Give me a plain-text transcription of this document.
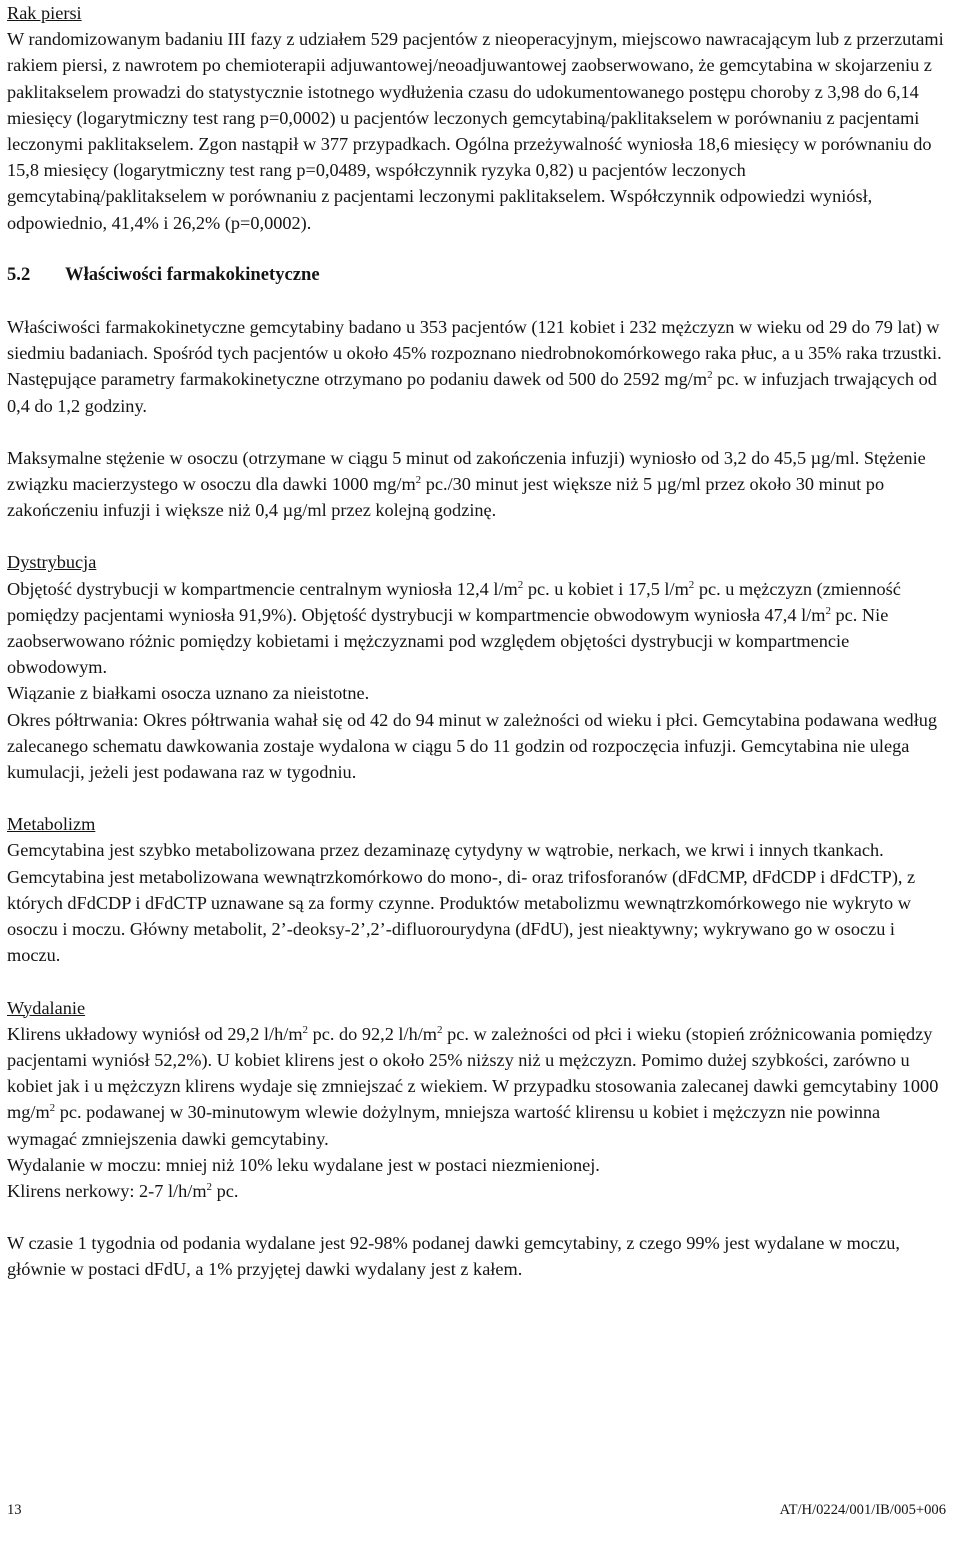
Rak piersi

W randomizowanym badaniu III fazy z udziałem 529 pacjentów z nieoperacyjnym, miejscowo nawracającym lub z przerzutami rakiem piersi, z nawrotem po chemioterapii adjuwantowej/neoadjuwantowej zaobserwowano, że gemcytabina w skojarzeniu z paklitakselem prowadzi do statystycznie istotnego wydłużenia czasu do udokumentowanego postępu choroby z 3,98 do 6,14 miesięcy (logarytmiczny test rang p=0,0002) u pacjentów leczonych gemcytabiną/paklitakselem w porównaniu z pacjentami leczonymi paklitakselem. Zgon nastąpił w 377 przypadkach. Ogólna przeżywalność wyniosła 18,6 miesięcy w porównaniu do 15,8 miesięcy (logarytmiczny test rang p=0,0489, współczynnik ryzyka 0,82) u pacjentów leczonych gemcytabiną/paklitakselem w porównaniu z pacjentami leczonymi paklitakselem. Współczynnik odpowiedzi wyniósł, odpowiednio, 41,4% i 26,2% (p=0,0002).

5.2 Właściwości farmakokinetyczne

Właściwości farmakokinetyczne gemcytabiny badano u 353 pacjentów (121 kobiet i 232 mężczyzn w wieku od 29 do 79 lat) w siedmiu badaniach. Spośród tych pacjentów u około 45% rozpoznano niedrobnokomórkowego raka płuc, a u 35% raka trzustki. Następujące parametry farmakokinetyczne otrzymano po podaniu dawek od 500 do 2592 $mg/m^2$ pc. w infuzjach trwających od 0,4 do 1,2 godziny.

Maksymalne stężenie w osoczu (otrzymane w ciągu 5 minut od zakończenia infuzji) wyniosło od 3,2 do 45,5 µg/ml. Stężenie związku macierzystego w osoczu dla dawki 1000 $mg/m^2$ pc./30 minut jest większe niż 5 µg/ml przez około 30 minut po zakończeniu infuzji i większe niż 0,4 µg/ml przez kolejną godzinę.

Dystrybucja

Objętość dystrybucji w kompartmencie centralnym wyniosła 12,4 $l/m^2$ pc. u kobiet i 17,5 $l/m^2$ pc. u mężczyzn (zmienność pomiędzy pacjentami wyniosła 91,9%). Objętość dystrybucji w kompartmencie obwodowym wyniosła 47,4 $l/m^2$ pc. Nie zaobserwowano różnic pomiędzy kobietami i mężczyznami pod względem objętości dystrybucji w kompartmencie obwodowym.

Wiązanie z białkami osocza uznano za nieistotne.

Okres półtrwania: Okres półtrwania wahał się od 42 do 94 minut w zależności od wieku i płci. Gemcytabina podawana według zalecanego schematu dawkowania zostaje wydalona w ciągu 5 do 11 godzin od rozpoczęcia infuzji. Gemcytabina nie ulega kumulacji, jeżeli jest podawana raz w tygodniu.

Metabolizm

Gemcytabina jest szybko metabolizowana przez dezaminazę cytydyny w wątrobie, nerkach, we krwi i innych tkankach. Gemcytabina jest metabolizowana wewnątrzkomórkowo do mono-, di- oraz trifosforanów (dFdCMP, dFdCDP i dFdCTP), z których dFdCDP i dFdCTP uznawane są za formy czynne. Produktów metabolizmu wewnątrzkomórkowego nie wykryto w osoczu i moczu. Główny metabolit, 2’-deoksy-2’,2’-difluorourydyna (dFdU), jest nieaktywny; wykrywano go w osoczu i moczu.

Wydalanie

Klirens układowy wyniósł od 29,2 $l/h/m^2$ pc. do 92,2 $l/h/m^2$ pc. w zależności od płci i wieku (stopień zróżnicowania pomiędzy pacjentami wyniósł 52,2%). U kobiet klirens jest o około 25% niższy niż u mężczyzn. Pomimo dużej szybkości, zarówno u kobiet jak i u mężczyzn klirens wydaje się zmniejszać z wiekiem. W przypadku stosowania zalecanej dawki gemcytabiny 1000 $mg/m^2$ pc. podawanej w 30-minutowym wlewie dożylnym, mniejsza wartość klirensu u kobiet i mężczyzn nie powinna wymagać zmniejszenia dawki gemcytabiny.

Wydalanie w moczu: mniej niż 10% leku wydalane jest w postaci niezmienionej.

Klirens nerkowy: 2-7 $l/h/m^2$ pc.

W czasie 1 tygodnia od podania wydalane jest 92-98% podanej dawki gemcytabiny, z czego 99% jest wydalane w moczu, głównie w postaci dFdU, a 1% przyjętej dawki wydalany jest z kałem.

13	AT/H/0224/001/IB/005+006
